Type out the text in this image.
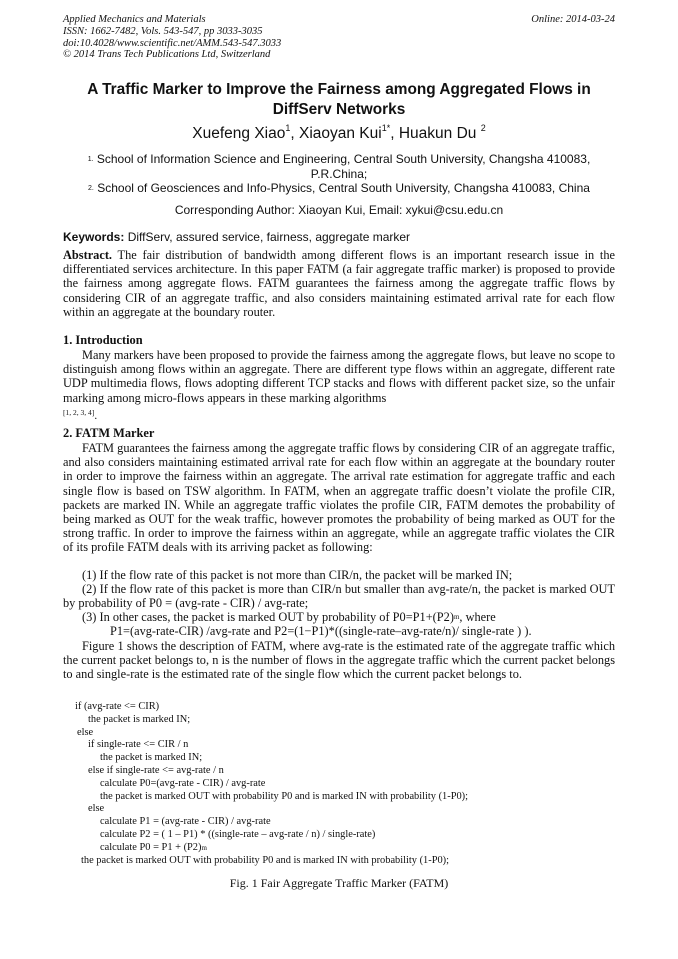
Applied Mechanics and Materials
ISSN: 1662-7482, Vols. 543-547, pp 3033-3035
doi:10.4028/www.scientific.net/AMM.543-547.3033
© 2014 Trans Tech Publications Ltd, Switzerland
Online: 2014-03-24
A Traffic Marker to Improve the Fairness among Aggregated Flows in
DiffServ Networks
Xuefeng Xiao$^1$, Xiaoyan Kui$^{1*}$, Huakun Du $^2$
$^{1.}$ School of Information Science and Engineering, Central South University, Changsha 410083,
P.R.China;
$^{2.}$ School of Geosciences and Info-Physics, Central South University, Changsha 410083, China
Corresponding Author: Xiaoyan Kui, Email: xykui@csu.edu.cn
Keywords: DiffServ, assured service, fairness, aggregate marker
Abstract. The fair distribution of bandwidth among different flows is an important research issue in the differentiated services architecture. In this paper FATM (a fair aggregate traffic marker) is proposed to provide the fairness among aggregate flows. FATM guarantees the fairness among the aggregate traffic flows by considering CIR of an aggregate traffic, and also considers maintaining estimated arrival rate for each flow within an aggregate at the boundary router.
1. Introduction
Many markers have been proposed to provide the fairness among the aggregate flows, but leave no scope to distinguish among flows within an aggregate. There are different type flows within an aggregate, different rate UDP multimedia flows, flows adopting different TCP stacks and flows with different packet size, so the unfair marking among micro-flows appears in these marking algorithms
[1, 2, 3, 4].
2. FATM Marker
FATM guarantees the fairness among the aggregate traffic flows by considering CIR of an aggregate traffic, and also considers maintaining estimated arrival rate for each flow within an aggregate at the boundary router in order to improve the fairness within an aggregate. The arrival rate estimation for aggregate traffic and each single flow is based on TSW algorithm. In FATM, when an aggregate traffic doesn’t violate the profile CIR, packets are marked IN. While an aggregate traffic violates the profile CIR, FATM demotes the probability of being marked as OUT for the weak traffic, however promotes the probability of being marked as OUT for the strong traffic. In order to improve the fairness within an aggregate, while an aggregate traffic violates the CIR of its profile FATM deals with its arriving packet as following:
(1) If the flow rate of this packet is not more than CIR/n, the packet will be marked IN;
(2) If the flow rate of this packet is more than CIR/n but smaller than avg-rate/n, the packet is marked OUT by probability of P0 = (avg-rate - CIR) / avg-rate;
(3) In other cases, the packet is marked OUT by probability of $P0=P1+(P2)^m$, where
P1=(avg-rate-CIR) /avg-rate and P2=(1−P1)*((single-rate–avg-rate/n)/ single-rate ) ).
Figure 1 shows the description of FATM, where avg-rate is the estimated rate of the aggregate traffic which the current packet belongs to, n is the number of flows in the aggregate traffic which the current packet belongs to and single-rate is the estimated rate of the single flow which the current packet belongs to.
if (avg-rate <= CIR)
the packet is marked IN;
else
if single-rate <= CIR / n
the packet is marked IN;
else if single-rate <= avg-rate / n
calculate P0=(avg-rate - CIR) / avg-rate
the packet is marked OUT with probability P0 and is marked IN with probability (1-P0);
else
calculate P1 = (avg-rate - CIR) / avg-rate
calculate P2 = ( 1 – P1) * ((single-rate – avg-rate / n) / single-rate)
calculate $P0 = P1 + (P2)^m$
the packet is marked OUT with probability P0 and is marked IN with probability (1-P0);
Fig. 1 Fair Aggregate Traffic Marker (FATM)
